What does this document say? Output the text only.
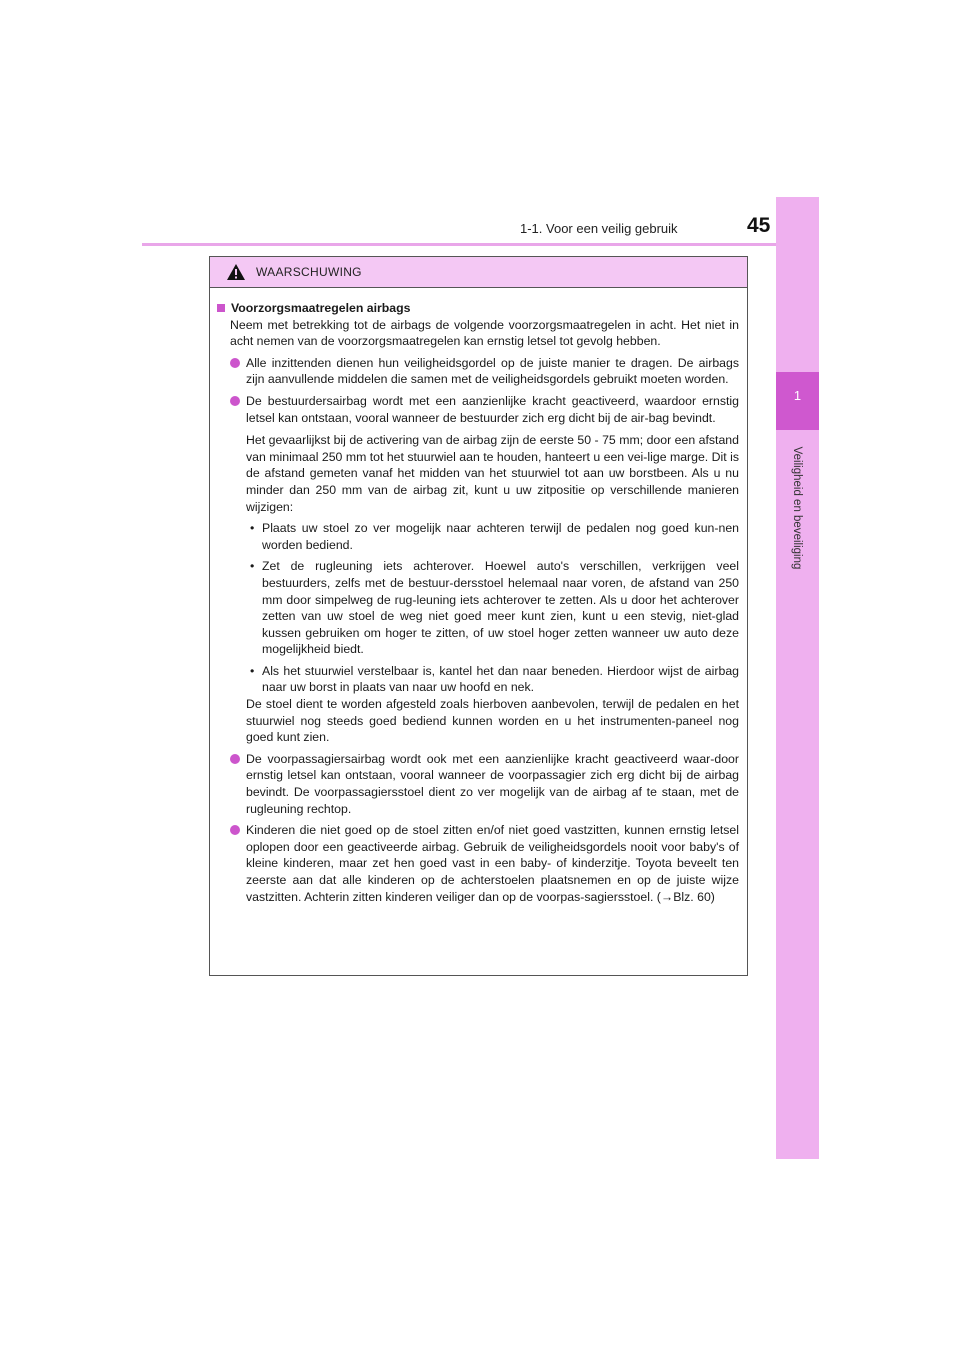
1-1. Voor een veilig gebruik	45
1
Veiligheid en beveiliging
WAARSCHUWING
Voorzorgsmaatregelen airbags
Neem met betrekking tot de airbags de volgende voorzorgsmaatregelen in acht. Het niet in acht nemen van de voorzorgsmaatregelen kan ernstig letsel tot gevolg hebben.
Alle inzittenden dienen hun veiligheidsgordel op de juiste manier te dragen. De airbags zijn aanvullende middelen die samen met de veiligheidsgordels gebruikt moeten worden.
De bestuurdersairbag wordt met een aanzienlijke kracht geactiveerd, waardoor ernstig letsel kan ontstaan, vooral wanneer de bestuurder zich erg dicht bij de air-bag bevindt.
Het gevaarlijkst bij de activering van de airbag zijn de eerste 50 - 75 mm; door een afstand van minimaal 250 mm tot het stuurwiel aan te houden, hanteert u een vei-lige marge. Dit is de afstand gemeten vanaf het midden van het stuurwiel tot aan uw borstbeen. Als u nu minder dan 250 mm van de airbag zit, kunt u uw zitpositie op verschillende manieren wijzigen:
• Plaats uw stoel zo ver mogelijk naar achteren terwijl de pedalen nog goed kun-nen worden bediend.
• Zet de rugleuning iets achterover. Hoewel auto's verschillen, verkrijgen veel bestuurders, zelfs met de bestuur-dersstoel helemaal naar voren, de afstand van 250 mm door simpelweg de rug-leuning iets achterover te zetten. Als u door het achterover zetten van uw stoel de weg niet goed meer kunt zien, kunt u een stevig, niet-glad kussen gebruiken om hoger te zitten, of uw stoel hoger zetten wanneer uw auto deze mogelijkheid biedt.
• Als het stuurwiel verstelbaar is, kantel het dan naar beneden. Hierdoor wijst de airbag naar uw borst in plaats van naar uw hoofd en nek.
De stoel dient te worden afgesteld zoals hierboven aanbevolen, terwijl de pedalen en het stuurwiel nog steeds goed bediend kunnen worden en u het instrumenten-paneel nog goed kunt zien.
De voorpassagiersairbag wordt ook met een aanzienlijke kracht geactiveerd waar-door ernstig letsel kan ontstaan, vooral wanneer de voorpassagier zich erg dicht bij de airbag bevindt. De voorpassagiersstoel dient zo ver mogelijk van de airbag af te staan, met de rugleuning rechtop.
Kinderen die niet goed op de stoel zitten en/of niet goed vastzitten, kunnen ernstig letsel oplopen door een geactiveerde airbag. Gebruik de veiligheidsgordels nooit voor baby's of kleine kinderen, maar zet hen goed vast in een baby- of kinderzitje. Toyota beveelt ten zeerste aan dat alle kinderen op de achterstoelen plaatsnemen en op de juiste wijze vastzitten. Achterin zitten kinderen veiliger dan op de voorpas-sagiersstoel. (→Blz. 60)
